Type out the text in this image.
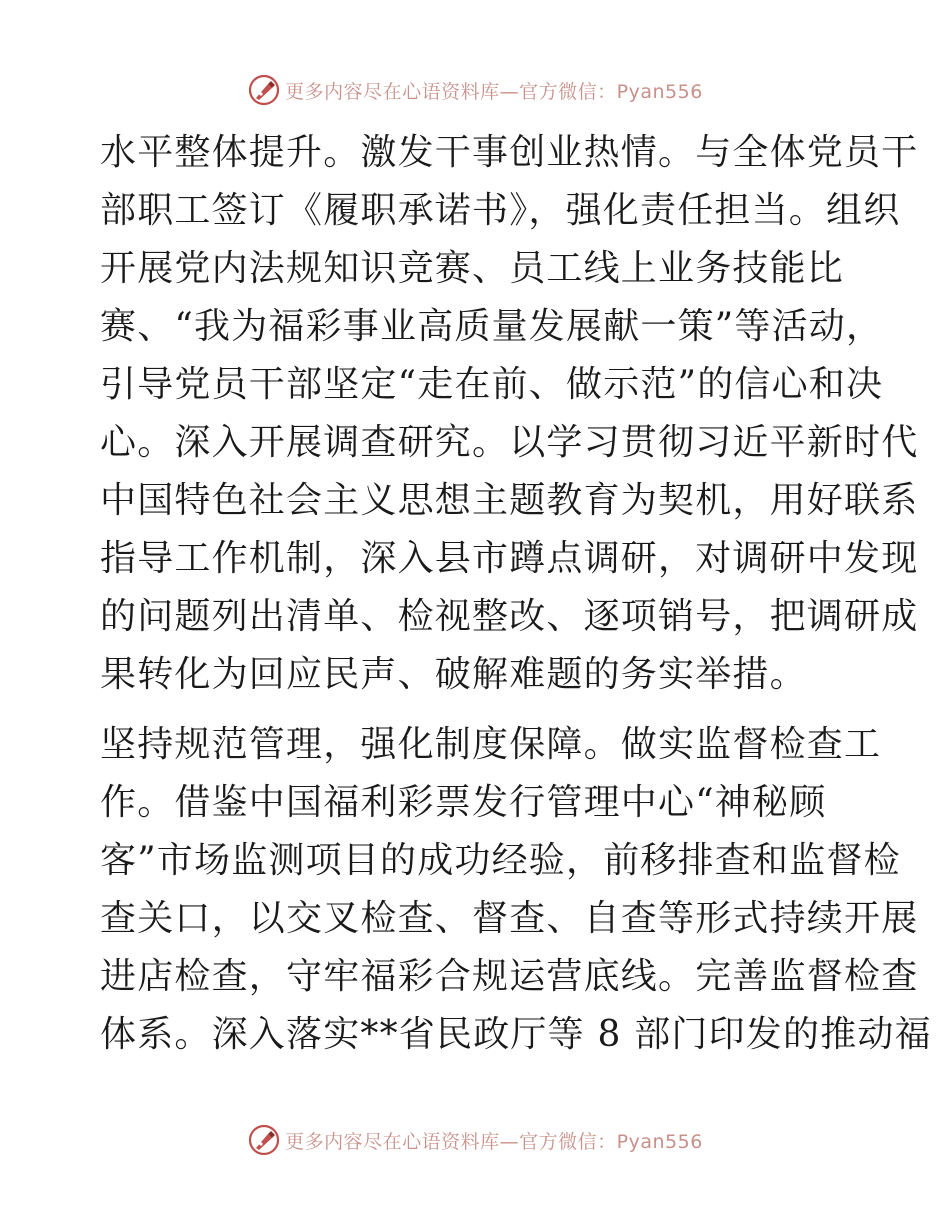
更多内容尽在心语资料库—官方微信：Pyan556
水平整体提升。激发干事创业热情。与全体党员干
部职工签订《履职承诺书》，强化责任担当。组织
开展党内法规知识竞赛、员工线上业务技能比
赛、“我为福彩事业高质量发展献一策”等活动，
引导党员干部坚定“走在前、做示范”的信心和决
心。深入开展调查研究。以学习贯彻习近平新时代
中国特色社会主义思想主题教育为契机，用好联系
指导工作机制，深入县市蹲点调研，对调研中发现
的问题列出清单、检视整改、逐项销号，把调研成
果转化为回应民声、破解难题的务实举措。
坚持规范管理，强化制度保障。做实监督检查工
作。借鉴中国福利彩票发行管理中心“神秘顾
客”市场监测项目的成功经验，前移排查和监督检
查关口，以交叉检查、督查、自查等形式持续开展
进店检查，守牢福彩合规运营底线。完善监督检查
体系。深入落实**省民政厅等 8 部门印发的推动福
更多内容尽在心语资料库—官方微信：Pyan556
